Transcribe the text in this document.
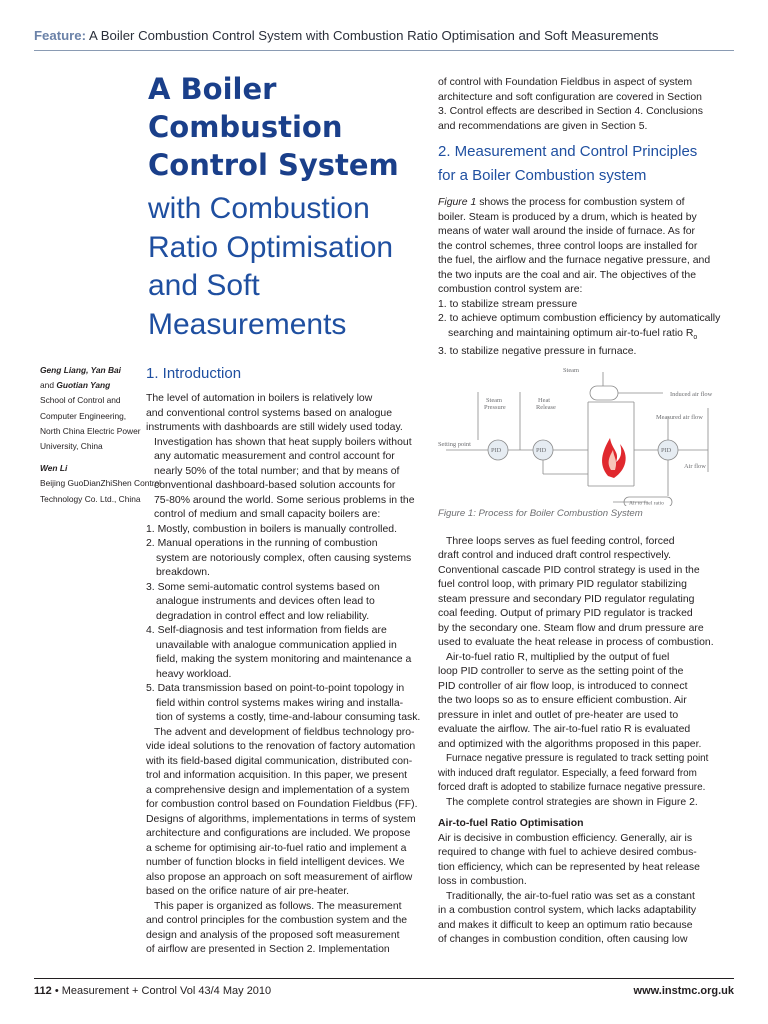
Feature: A Boiler Combustion Control System with Combustion Ratio Optimisation and Soft Measurements
A Boiler
Combustion
Control System
with Combustion
Ratio Optimisation
and Soft
Measurements
Geng Liang, Yan Bai
and Guotian Yang
School of Control and
Computer Engineering,
North China Electric Power
University, China
Wen Li
Beijing GuoDianZhiShen Control
Technology Co. Ltd., China
1. Introduction
The level of automation in boilers is relatively low
and conventional control systems based on analogue
instruments with dashboards are still widely used today.
Investigation has shown that heat supply boilers without
any automatic measurement and control account for
nearly 50% of the total number; and that by means of
conventional dashboard-based solution accounts for
75-80% around the world. Some serious problems in the
control of medium and small capacity boilers are:
1. Mostly, combustion in boilers is manually controlled.
2. Manual operations in the running of combustion
system are notoriously complex, often causing systems
breakdown.
3. Some semi-automatic control systems based on
analogue instruments and devices often lead to
degradation in control effect and low reliability.
4. Self-diagnosis and test information from fields are
unavailable with analogue communication applied in
field, making the system monitoring and maintenance a
heavy workload.
5. Data transmission based on point-to-point topology in
field within control systems makes wiring and installa-
tion of systems a costly, time-and-labour consuming task.
The advent and development of fieldbus technology pro-
vide ideal solutions to the renovation of factory automation
with its field-based digital communication, distributed con-
trol and information acquisition. In this paper, we present
a comprehensive design and implementation of a system
for combustion control based on Foundation Fieldbus (FF).
Designs of algorithms, implementations in terms of system
architecture and configurations are included. We propose
a scheme for optimising air-to-fuel ratio and implement a
number of function blocks in field intelligent devices. We
also propose an approach on soft measurement of airflow
based on the orifice nature of air pre-heater.
This paper is organized as follows. The measurement
and control principles for the combustion system and the
design and analysis of the proposed soft measurement
of airflow are presented in Section 2. Implementation
of control with Foundation Fieldbus in aspect of system
architecture and soft configuration are covered in Section
3. Control effects are described in Section 4. Conclusions
and recommendations are given in Section 5.
2. Measurement and Control Principles
for a Boiler Combustion system
Figure 1 shows the process for combustion system of
boiler. Steam is produced by a drum, which is heated by
means of water wall around the inside of furnace. As for
the control schemes, three control loops are installed for
the fuel, the airflow and the furnace negative pressure, and
the two inputs are the coal and air. The objectives of the
combustion control system are:
1. to stabilize stream pressure
2. to achieve optimum combustion efficiency by automatically
searching and maintaining optimum air-to-fuel ratio $R_o$
3. to stabilize negative pressure in furnace.
Steam
Steam
Pressure
Heat
Release
Induced air flow
Measured air flow
Setting point
PID	PID	PID
Air flow
Air to fuel ratio
Figure 1: Process for Boiler Combustion System
Three loops serves as fuel feeding control, forced
draft control and induced draft control respectively.
Conventional cascade PID control strategy is used in the
fuel control loop, with primary PID regulator stabilizing
steam pressure and secondary PID regulator regulating
coal feeding. Output of primary PID regulator is tracked
by the secondary one. Steam flow and drum pressure are
used to evaluate the heat release in process of combustion.
Air-to-fuel ratio R, multiplied by the output of fuel
loop PID controller to serve as the setting point of the
PID controller of air flow loop, is introduced to connect
the two loops so as to ensure efficient combustion. Air
pressure in inlet and outlet of pre-heater are used to
evaluate the airflow. The air-to-fuel ratio R is evaluated
and optimized with the algorithms proposed in this paper.
Furnace negative pressure is regulated to track setting point
with induced draft regulator. Especially, a feed forward from
forced draft is adopted to stabilize furnace negative pressure.
The complete control strategies are shown in Figure 2.
Air-to-fuel Ratio Optimisation
Air is decisive in combustion efficiency. Generally, air is
required to change with fuel to achieve desired combus-
tion efficiency, which can be represented by heat release
loss in combustion.
Traditionally, the air-to-fuel ratio was set as a constant
in a combustion control system, which lacks adaptability
and makes it difficult to keep an optimum ratio because
of changes in combustion condition, often causing low
112 • Measurement + Control Vol 43/4 May 2010	www.instmc.org.uk
